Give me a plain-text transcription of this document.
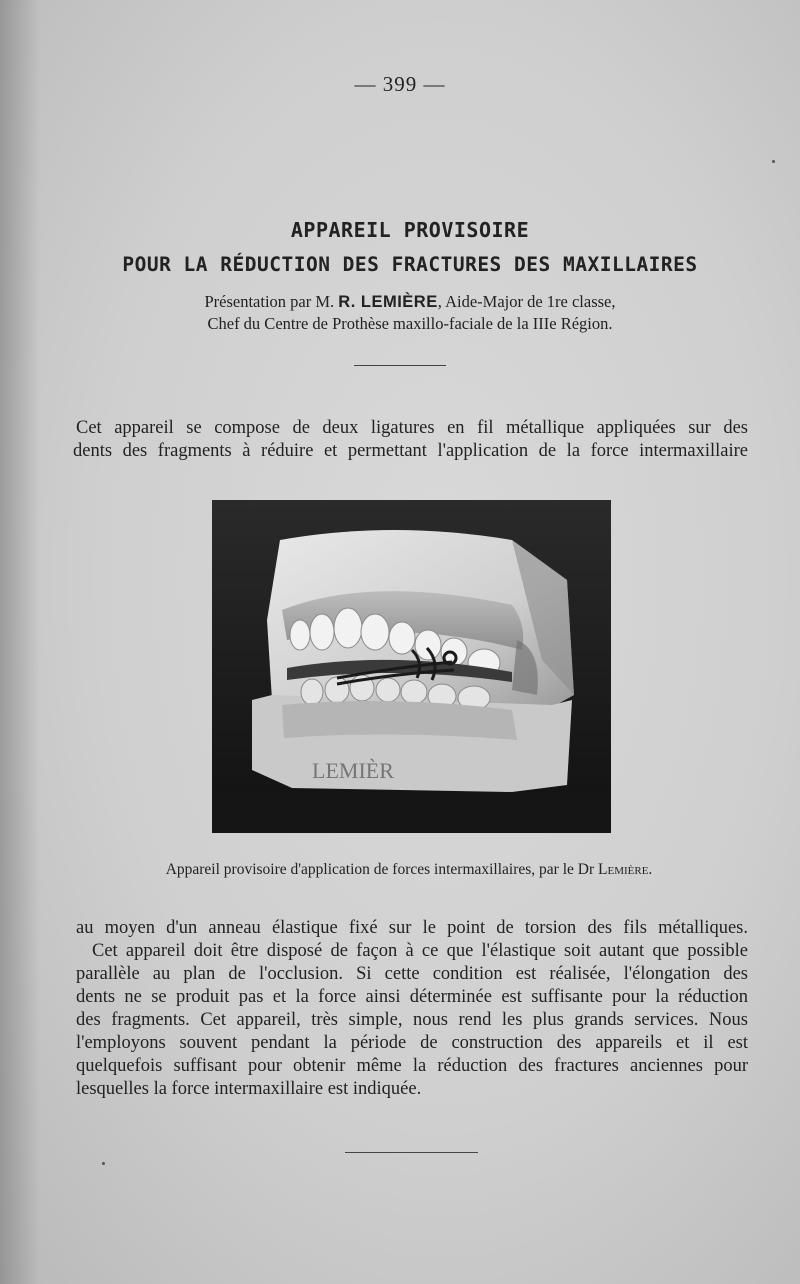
— 399 —
APPAREIL PROVISOIRE
POUR LA RÉDUCTION DES FRACTURES DES MAXILLAIRES
Présentation par M. R. LEMIÈRE, Aide-Major de 1re classe,
Chef du Centre de Prothèse maxillo-faciale de la IIIe Région.
Cet appareil se compose de deux ligatures en fil métallique appliquées sur des
dents des fragments à réduire et permettant l'application de la force intermaxillaire
LEMIÈR
Appareil provisoire d'application de forces intermaxillaires, par le Dr Lemière.
au moyen d'un anneau élastique fixé sur le point de torsion des fils métalliques.
Cet appareil doit être disposé de façon à ce que l'élastique soit autant que possible
parallèle au plan de l'occlusion. Si cette condition est réalisée, l'élongation des
dents ne se produit pas et la force ainsi déterminée est suffisante pour la réduction
des fragments. Cet appareil, très simple, nous rend les plus grands services. Nous
l'employons souvent pendant la période de construction des appareils et il est
quelquefois suffisant pour obtenir même la réduction des fractures anciennes pour
lesquelles la force intermaxillaire est indiquée.
